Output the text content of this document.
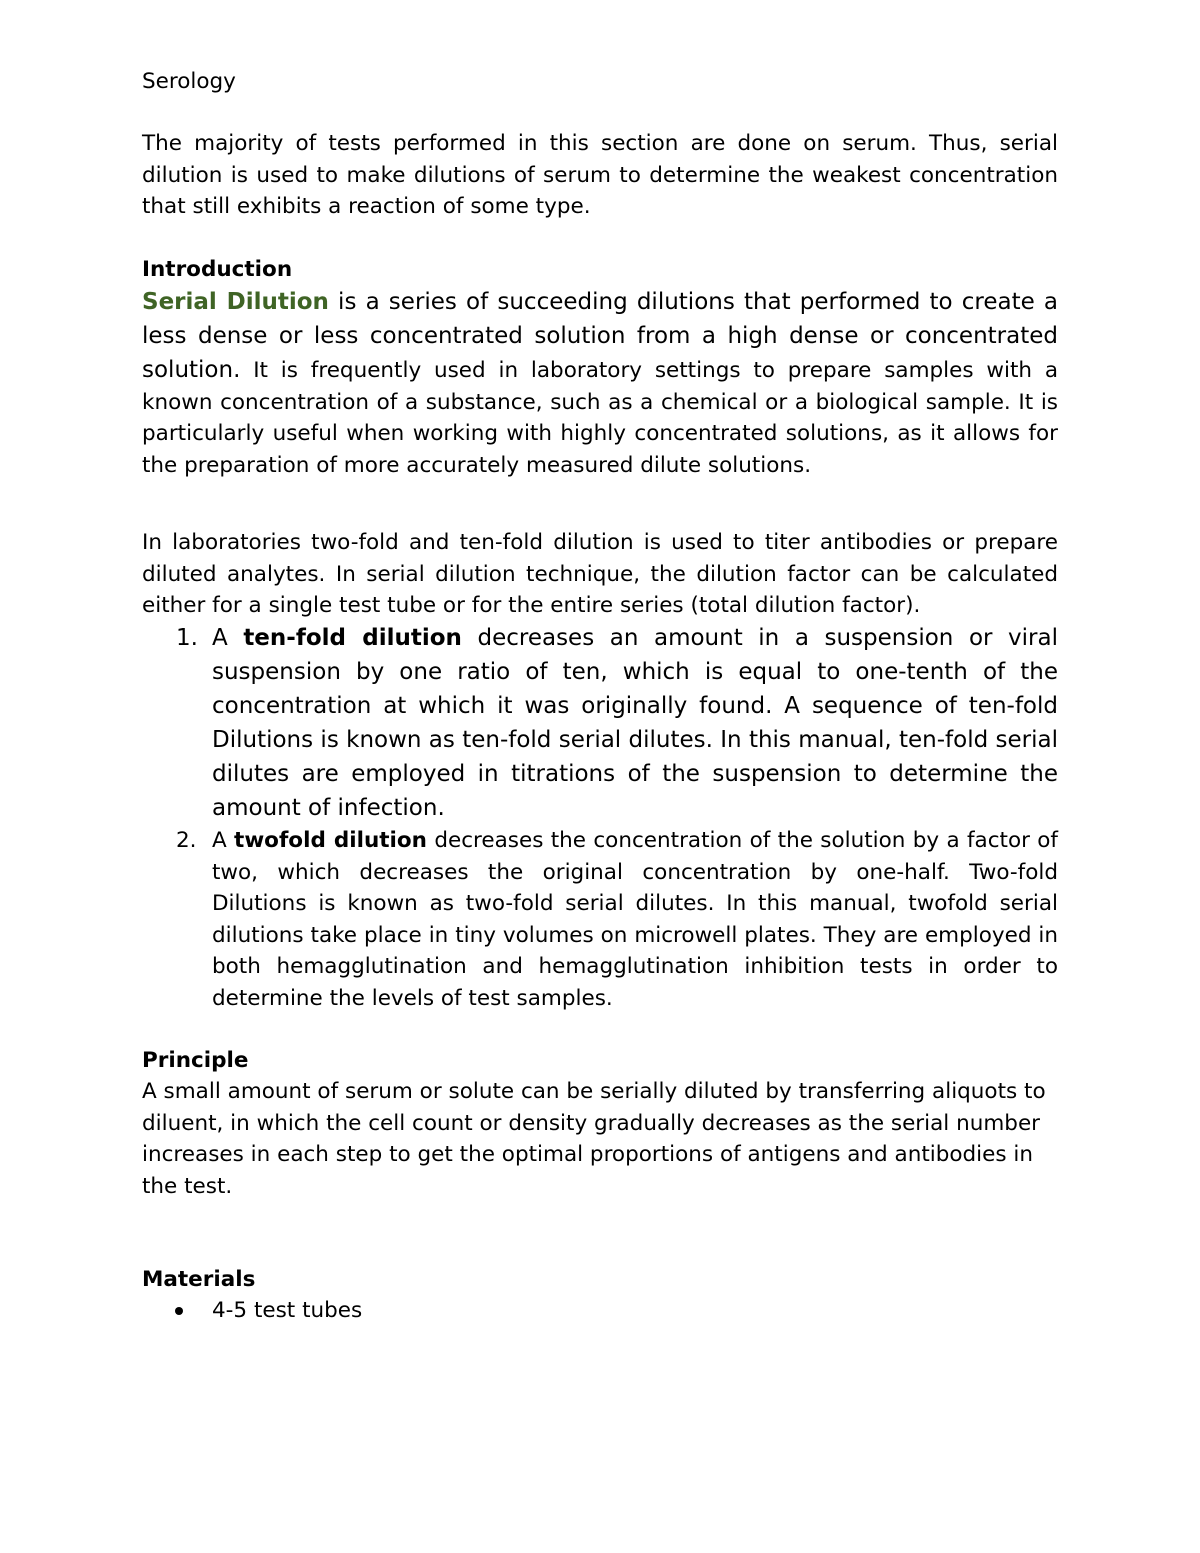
Serology

The majority of tests performed in this section are done on serum. Thus, serial dilution is used to make dilutions of serum to determine the weakest concentration that still exhibits a reaction of some type.

Introduction

Serial Dilution is a series of succeeding dilutions that performed to create a less dense or less concentrated solution from a high dense or concentrated solution. It is frequently used in laboratory settings to prepare samples with a known concentration of a substance, such as a chemical or a biological sample. It is particularly useful when working with highly concentrated solutions, as it allows for the preparation of more accurately measured dilute solutions.

In laboratories two-fold and ten-fold dilution is used to titer antibodies or prepare diluted analytes. In serial dilution technique, the dilution factor can be calculated either for a single test tube or for the entire series (total dilution factor).

1. A ten-fold dilution decreases an amount in a suspension or viral suspension by one ratio of ten, which is equal to one-tenth of the concentration at which it was originally found. A sequence of ten-fold Dilutions is known as ten-fold serial dilutes. In this manual, ten-fold serial dilutes are employed in titrations of the suspension to determine the amount of infection.
2. A twofold dilution decreases the concentration of the solution by a factor of two, which decreases the original concentration by one-half. Two-fold Dilutions is known as two-fold serial dilutes. In this manual, twofold serial dilutions take place in tiny volumes on microwell plates. They are employed in both hemagglutination and hemagglutination inhibition tests in order to determine the levels of test samples.

Principle

A small amount of serum or solute can be serially diluted by transferring aliquots to diluent, in which the cell count or density gradually decreases as the serial number increases in each step to get the optimal proportions of antigens and antibodies in the test.

Materials

4-5 test tubes
